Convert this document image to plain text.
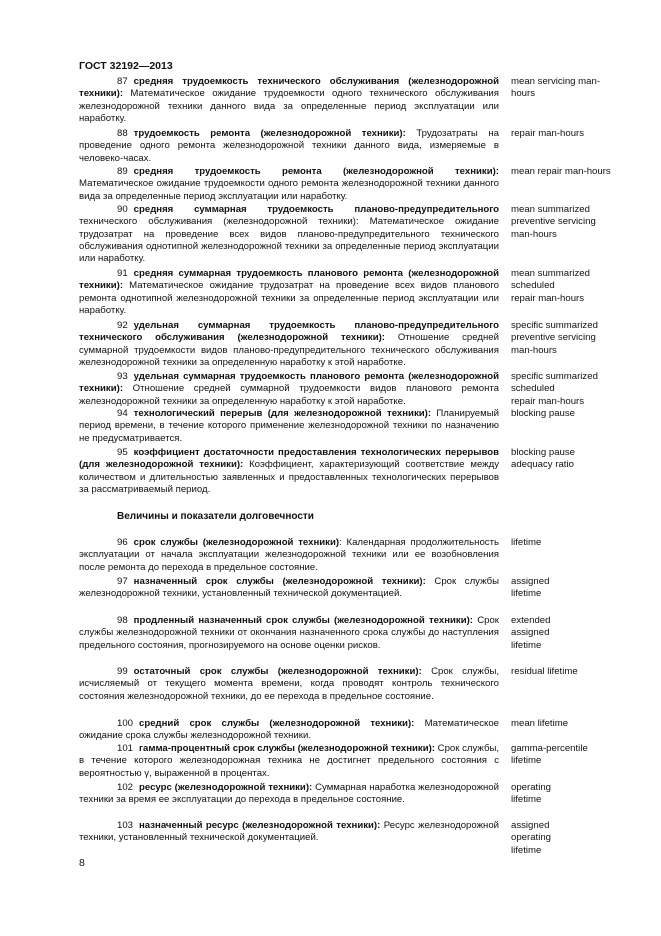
ГОСТ 32192—2013
87 средняя трудоемкость технического обслуживания (железнодорожной техники): Математическое ожидание трудоемкости одного технического обслуживания железнодорожной техники данного вида за определенные период эксплуатации или наработку.
mean servicing man-hours
88 трудоемкость ремонта (железнодорожной техники): Трудозатраты на проведение одного ремонта железнодорожной техники данного вида, измеряемые в человеко-часах.
repair man-hours
89 средняя трудоемкость ремонта (железнодорожной техники): Математическое ожидание трудоемкости одного ремонта железнодорожной техники данного вида за определенные период эксплуатации или наработку.
mean repair man-hours
90 средняя суммарная трудоемкость планово-предупредительного технического обслуживания (железнодорожной техники): Математическое ожидание трудозатрат на проведение всех видов планово-предупредительного технического обслуживания однотипной железнодорожной техники за определенные период эксплуатации или наработку.
mean summarized
preventive servicing
man-hours
91 средняя суммарная трудоемкость планового ремонта (железнодорожной техники): Математическое ожидание трудозатрат на проведение всех видов планового ремонта однотипной железнодорожной техники за определенные период эксплуатации или наработку.
mean summarized
scheduled
repair man-hours
92 удельная суммарная трудоемкость планово-предупредительного технического обслуживания (железнодорожной техники): Отношение средней суммарной трудоемкости видов планово-предупредительного технического обслуживания железнодорожной техники за определенную наработку к этой наработке.
specific summarized
preventive servicing
man-hours
93 удельная суммарная трудоемкость планового ремонта (железнодорожной техники): Отношение средней суммарной трудоемкости видов планового ремонта железнодорожной техники за определенную наработку к этой наработке.
specific summarized
scheduled
repair man-hours
94 технологический перерыв (для железнодорожной техники): Планируемый период времени, в течение которого применение железнодорожной техники по назначению не предусматривается.
blocking pause
95 коэффициент достаточности предоставления технологических перерывов (для железнодорожной техники): Коэффициент, характеризующий соответствие между количеством и длительностью заявленных и предоставленных технологических перерывов за рассматриваемый период.
blocking pause
adequacy ratio
Величины и показатели долговечности
96 срок службы (железнодорожной техники): Календарная продолжительность эксплуатации от начала эксплуатации железнодорожной техники или ее возобновления после ремонта до перехода в предельное состояние.
lifetime
97 назначенный срок службы (железнодорожной техники): Срок службы железнодорожной техники, установленный технической документацией.
assigned
lifetime
98 продленный назначенный срок службы (железнодорожной техники): Срок службы железнодорожной техники от окончания назначенного срока службы до наступления предельного состояния, прогнозируемого на основе оценки рисков.
extended
assigned
lifetime
99 остаточный срок службы (железнодорожной техники): Срок службы, исчисляемый от текущего момента времени, когда проводят контроль технического состояния железнодорожной техники, до ее перехода в предельное состояние.
residual lifetime
100 средний срок службы (железнодорожной техники): Математическое ожидание срока службы железнодорожной техники.
mean lifetime
101 гамма-процентный срок службы (железнодорожной техники): Срок службы, в течение которого железнодорожная техника не достигнет предельного состояния с вероятностью γ, выраженной в процентах.
gamma-percentile
lifetime
102 ресурс (железнодорожной техники): Суммарная наработка железнодорожной техники за время ее эксплуатации до перехода в предельное состояние.
operating
lifetime
103 назначенный ресурс (железнодорожной техники): Ресурс железнодорожной техники, установленный технической документацией.
assigned
operating
lifetime
8
